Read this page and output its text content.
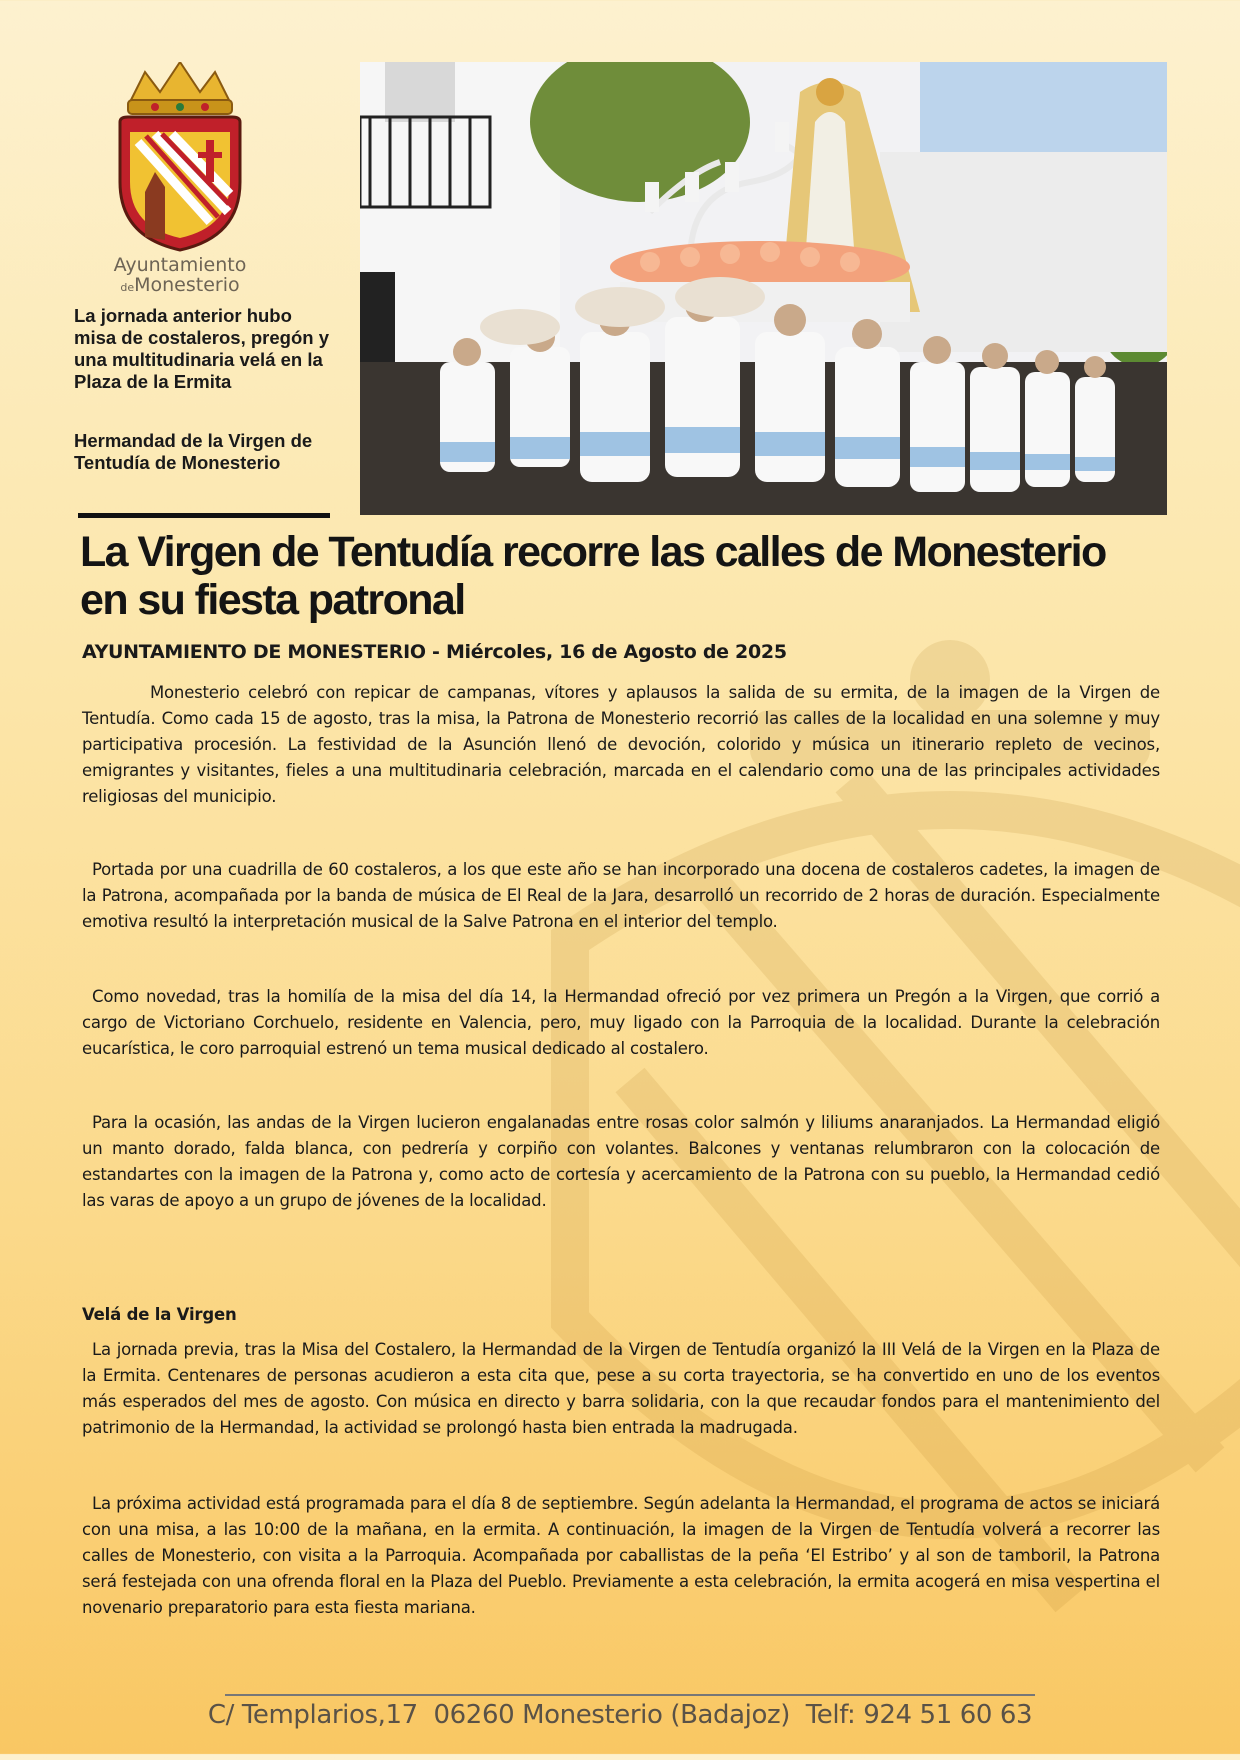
Ayuntamiento
deMonesterio
La jornada anterior hubo misa de costaleros, pregón y una multitudinaria velá en la Plaza de la Ermita
Hermandad de la Virgen de Tentudía de Monesterio
La Virgen de Tentudía recorre las calles de Monesterio en su fiesta patronal

AYUNTAMIENTO DE MONESTERIO - Miércoles, 16 de Agosto de 2025

Monesterio celebró con repicar de campanas, vítores y aplausos la salida de su ermita, de la imagen de la Virgen de Tentudía. Como cada 15 de agosto, tras la misa, la Patrona de Monesterio recorrió las calles de la localidad en una solemne y muy participativa procesión. La festividad de la Asunción llenó de devoción, colorido y música un itinerario repleto de vecinos, emigrantes y visitantes, fieles a una multitudinaria celebración, marcada en el calendario como una de las principales actividades religiosas del municipio.

Portada por una cuadrilla de 60 costaleros, a los que este año se han incorporado una docena de costaleros cadetes, la imagen de la Patrona, acompañada por la banda de música de El Real de la Jara, desarrolló un recorrido de 2 horas de duración. Especialmente emotiva resultó la interpretación musical de la Salve Patrona en el interior del templo.

Como novedad, tras la homilía de la misa del día 14, la Hermandad ofreció por vez primera un Pregón a la Virgen, que corrió a cargo de Victoriano Corchuelo, residente en Valencia, pero, muy ligado con la Parroquia de la localidad. Durante la celebración eucarística, le coro parroquial estrenó un tema musical dedicado al costalero.

Para la ocasión, las andas de la Virgen lucieron engalanadas entre rosas color salmón y liliums anaranjados. La Hermandad eligió un manto dorado, falda blanca, con pedrería y corpiño con volantes. Balcones y ventanas relumbraron con la colocación de estandartes con la imagen de la Patrona y, como acto de cortesía y acercamiento de la Patrona con su pueblo, la Hermandad cedió las varas de apoyo a un grupo de jóvenes de la localidad.

Velá de la Virgen

La jornada previa, tras la Misa del Costalero, la Hermandad de la Virgen de Tentudía organizó la III Velá de la Virgen en la Plaza de la Ermita. Centenares de personas acudieron a esta cita que, pese a su corta trayectoria, se ha convertido en uno de los eventos más esperados del mes de agosto. Con música en directo y barra solidaria, con la que recaudar fondos para el mantenimiento del patrimonio de la Hermandad, la actividad se prolongó hasta bien entrada la madrugada.

La próxima actividad está programada para el día 8 de septiembre. Según adelanta la Hermandad, el programa de actos se iniciará con una misa, a las 10:00 de la mañana, en la ermita. A continuación, la imagen de la Virgen de Tentudía volverá a recorrer las calles de Monesterio, con visita a la Parroquia. Acompañada por caballistas de la peña ‘El Estribo’ y al son de tamboril, la Patrona será festejada con una ofrenda floral en la Plaza del Pueblo. Previamente a esta celebración, la ermita acogerá en misa vespertina el novenario preparatorio para esta fiesta mariana.

C/ Templarios,17  06260 Monesterio (Badajoz)  Telf: 924 51 60 63
